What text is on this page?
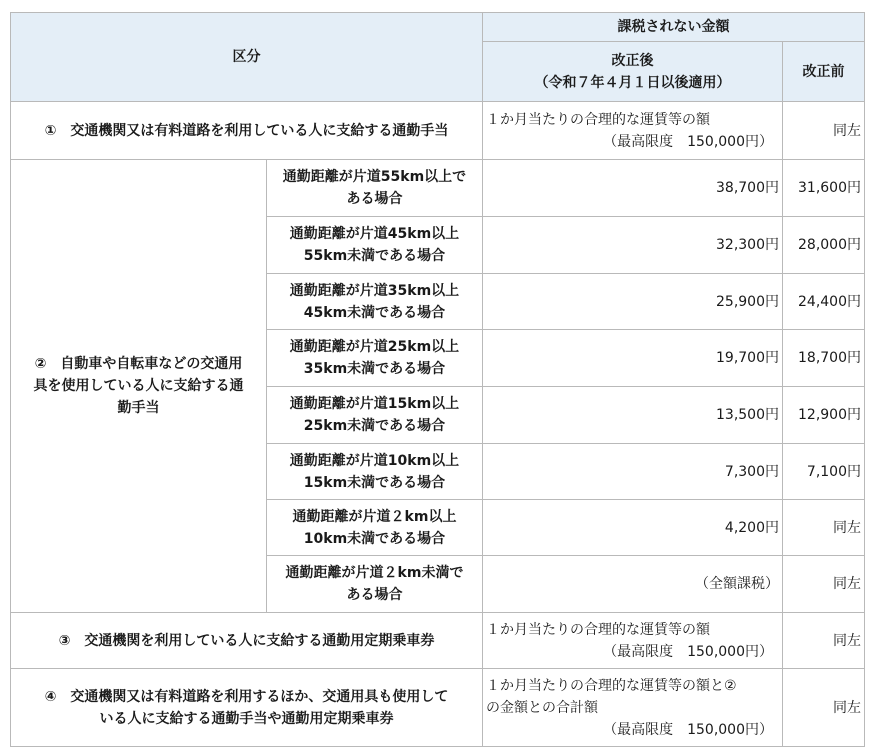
区分		課税されない金額	

		改正後
（令和７年４月１日以後適用）	改正前
①　交通機関又は有料道路を利用している人に支給する通勤手当		１か月当たりの合理的な運賃等の額
（最高限度　150,000円）	同左

②　自動車や自転車などの交通用
具を使用している人に支給する通
勤手当	通勤距離が片道55km以上で
ある場合	38,700円	31,600円

	通勤距離が片道45km以上
55km未満である場合	32,300円	28,000円

	通勤距離が片道35km以上
45km未満である場合	25,900円	24,400円

	通勤距離が片道25km以上
35km未満である場合	19,700円	18,700円

	通勤距離が片道15km以上
25km未満である場合	13,500円	12,900円

	通勤距離が片道10km以上
15km未満である場合	7,300円	7,100円

	通勤距離が片道２km以上
10km未満である場合	4,200円	同左

	通勤距離が片道２km未満で
ある場合	（全額課税）	同左
③　交通機関を利用している人に支給する通勤用定期乗車券		１か月当たりの合理的な運賃等の額
（最高限度　150,000円）	同左

④　交通機関又は有料道路を利用するほか、交通用具も使用して
いる人に支給する通勤手当や通勤用定期乗車券		１か月当たりの合理的な運賃等の額と②
の金額との合計額
（最高限度　150,000円）	同左
